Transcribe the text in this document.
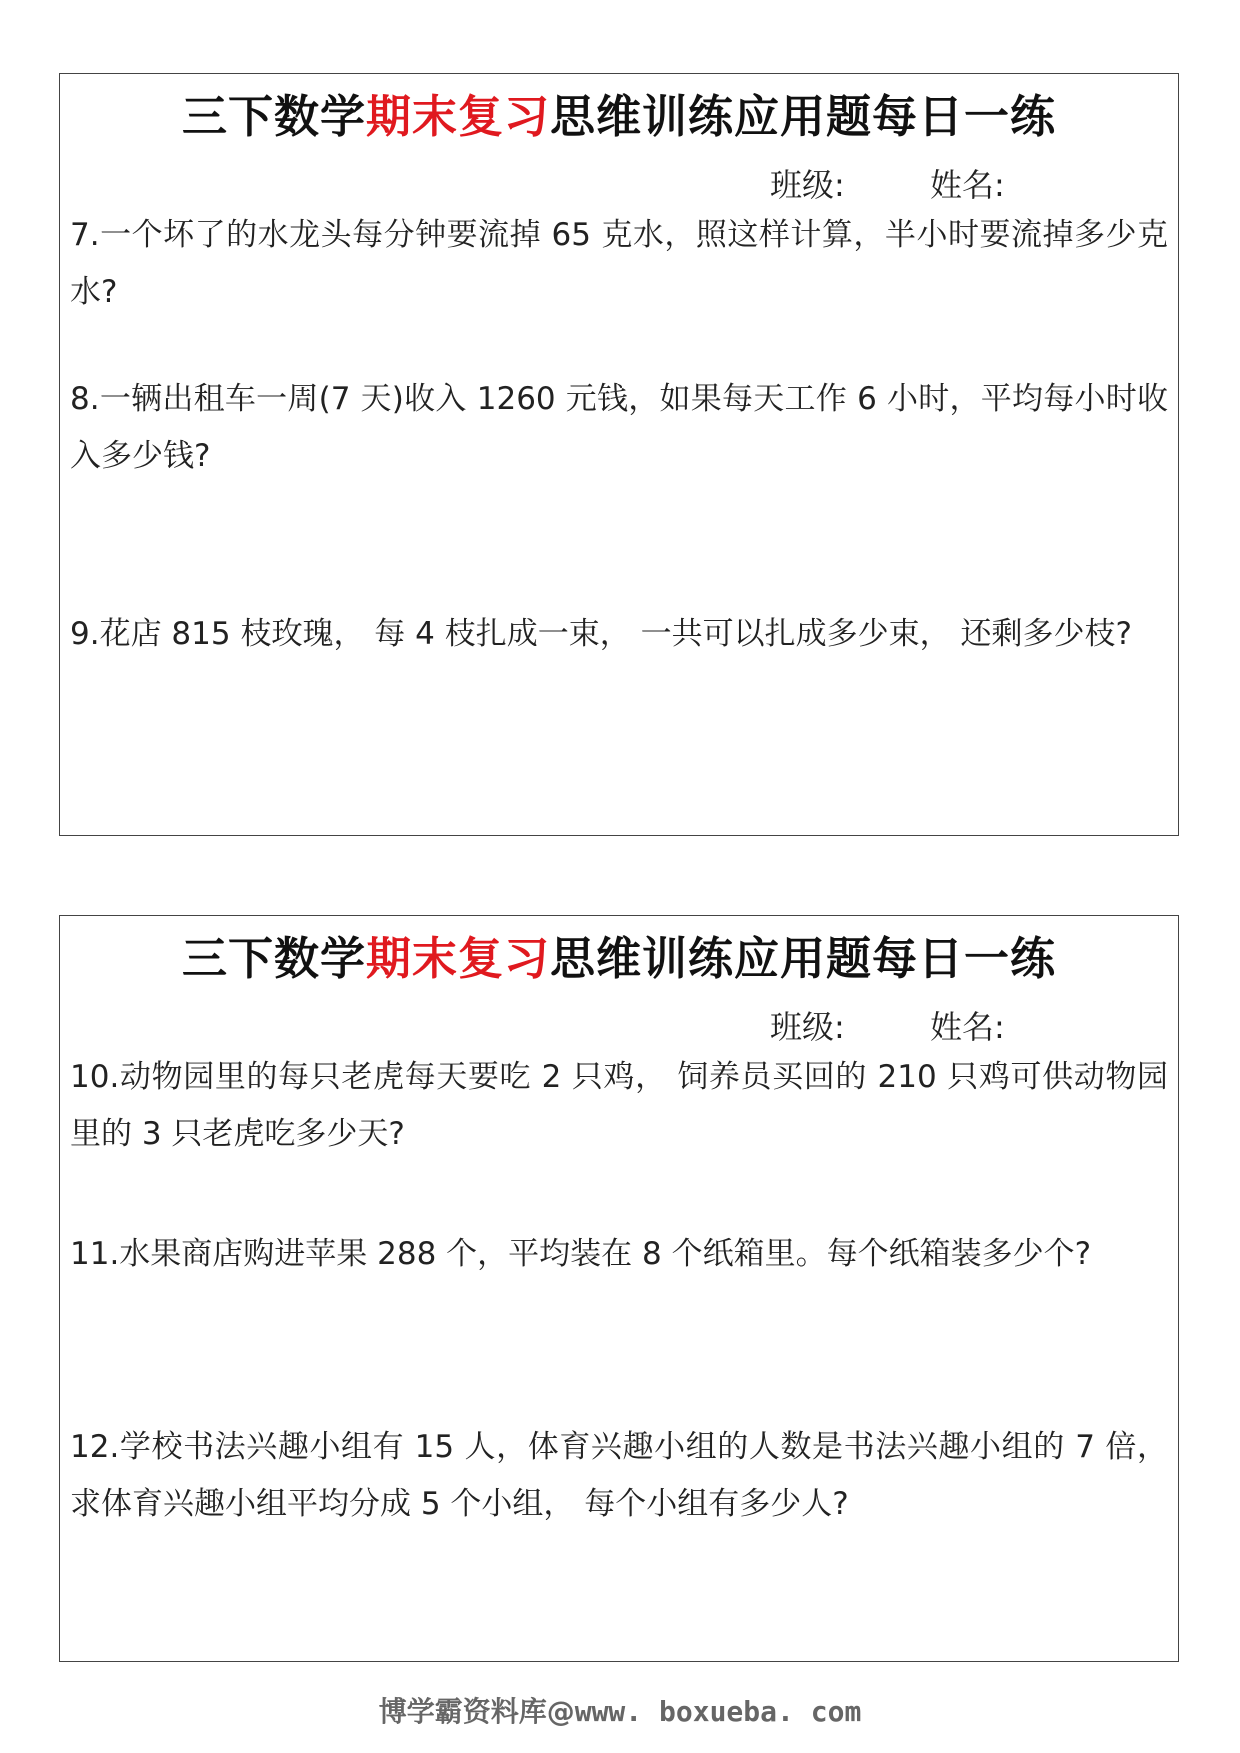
三下数学期末复习思维训练应用题每日一练
班级:	姓名:
7.一个坏了的水龙头每分钟要流掉 65 克水，照这样计算，半小时要流掉多少克水?
8.一辆出租车一周(7 天)收入 1260 元钱，如果每天工作 6 小时，平均每小时收入多少钱?
9.花店 815 枝玫瑰， 每 4 枝扎成一束， 一共可以扎成多少束， 还剩多少枝?
三下数学期末复习思维训练应用题每日一练
班级:	姓名:
10.动物园里的每只老虎每天要吃 2 只鸡， 饲养员买回的 210 只鸡可供动物园里的 3 只老虎吃多少天?
11.水果商店购进苹果 288 个，平均装在 8 个纸箱里。每个纸箱装多少个?
12.学校书法兴趣小组有 15 人，体育兴趣小组的人数是书法兴趣小组的 7 倍， 求体育兴趣小组平均分成 5 个小组， 每个小组有多少人?
博学霸资料库@www. boxueba. com
